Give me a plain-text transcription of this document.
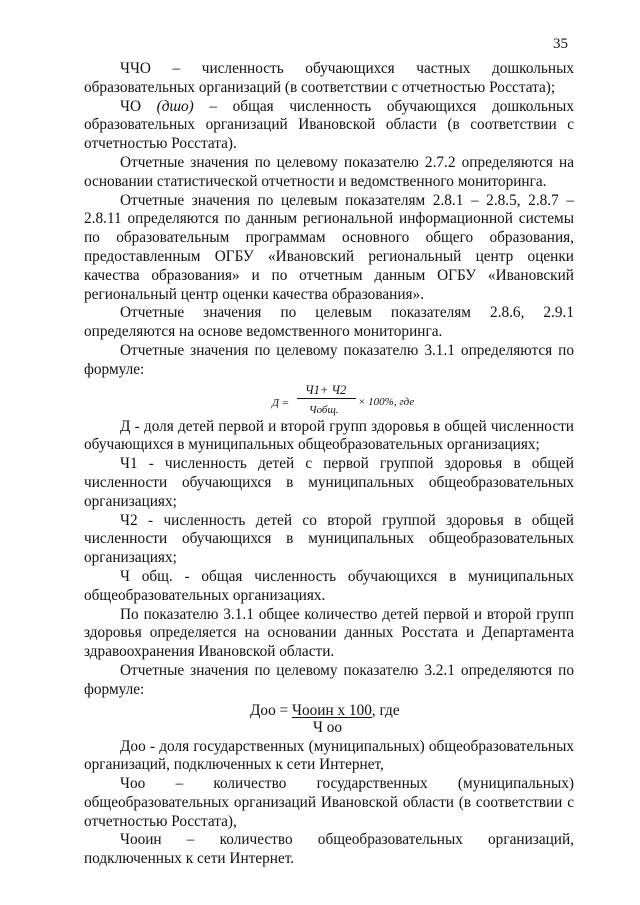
35

ЧЧО – численность обучающихся частных дошкольных образовательных организаций (в соответствии с отчетностью Росстата);

ЧО (дшо) – общая численность обучающихся дошкольных образовательных организаций Ивановской области (в соответствии с отчетностью Росстата).

Отчетные значения по целевому показателю 2.7.2 определяются на основании статистической отчетности и ведомственного мониторинга.

Отчетные значения по целевым показателям 2.8.1 – 2.8.5, 2.8.7 – 2.8.11 определяются по данным региональной информационной системы по образовательным программам основного общего образования, предоставленным ОГБУ «Ивановский региональный центр оценки качества образования» и по отчетным данным ОГБУ «Ивановский региональный центр оценки качества образования».

Отчетные значения по целевым показателям 2.8.6, 2.9.1 определяются на основе ведомственного мониторинга.

Отчетные значения по целевому показателю 3.1.1 определяются по формуле:

Д =
Ч1+ Ч2
Чобщ.
× 100%, где

Д - доля детей первой и второй групп здоровья в общей численности обучающихся в муниципальных общеобразовательных организациях;

Ч1 - численность детей с первой группой здоровья в общей численности обучающихся в муниципальных общеобразовательных организациях;

Ч2 - численность детей со второй группой здоровья в общей численности обучающихся в муниципальных общеобразовательных организациях;

Ч общ. - общая численность обучающихся в муниципальных общеобразовательных организациях.

По показателю 3.1.1 общее количество детей первой и второй групп здоровья определяется на основании данных Росстата и Департамента здравоохранения Ивановской области.

Отчетные значения по целевому показателю 3.2.1 определяются по формуле:

Доо = Чооин х 100, где
Ч оо

Доо - доля государственных (муниципальных) общеобразовательных организаций, подключенных к сети Интернет,

Чоо – количество государственных (муниципальных) общеобразовательных организаций Ивановской области (в соответствии с отчетностью Росстата),

Чооин – количество общеобразовательных организаций, подключенных к сети Интернет.
